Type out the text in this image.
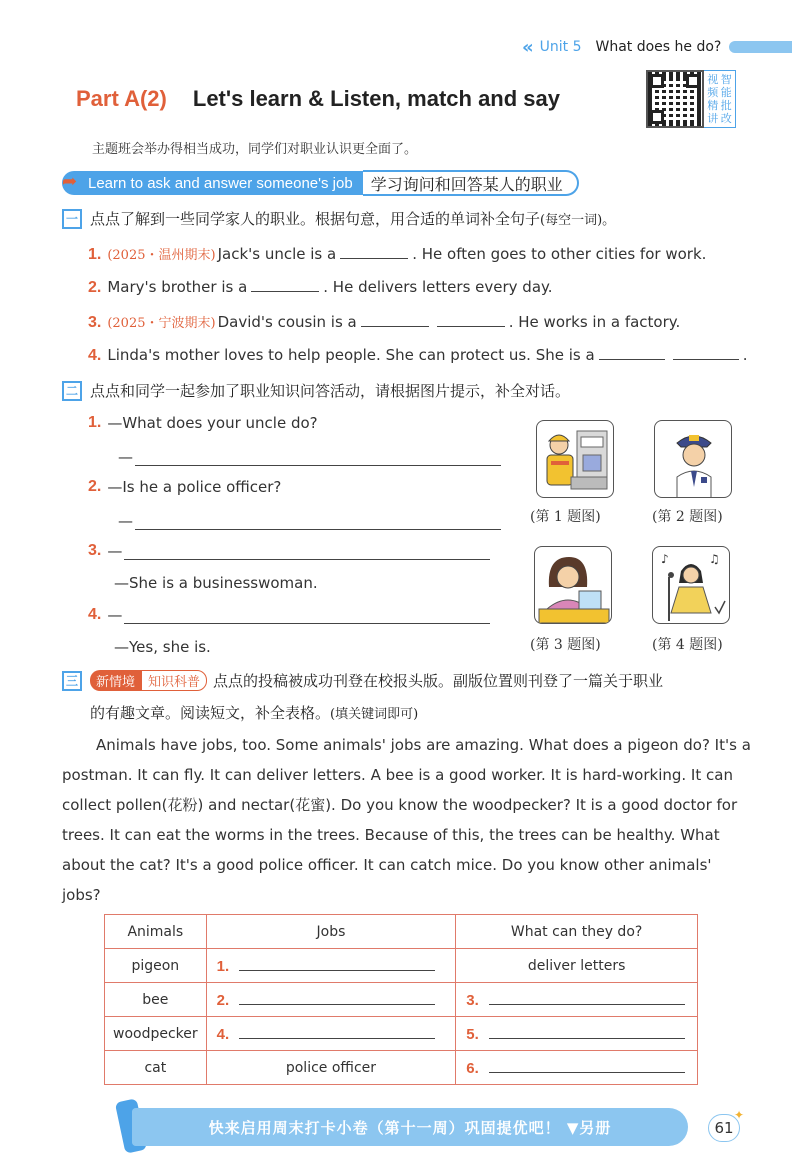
« Unit 5 What does he do?
Part A(2) Let's learn & Listen, match and say
视 智
频 能
精 批
讲 改
主题班会举办得相当成功，同学们对职业认识更全面了。
➦ Learn to ask and answer someone's job	学习询问和回答某人的职业
一 点点了解到一些同学家人的职业。根据句意，用合适的单词补全句子 (每空一词)。
1. (2025・温州期末) Jack's uncle is a	. He often goes to other cities for work.
2. Mary's brother is a	. He delivers letters every day.
3. (2025・宁波期末) David's cousin is a	. He works in a factory.
4. Linda's mother loves to help people. She can protect us. She is a	.
二 点点和同学一起参加了职业知识问答活动，请根据图片提示，补全对话。
1. —What does your uncle do?
—
2. —Is he a police officer?
—
3. —
—She is a businesswoman.
4. —
—Yes, she is.
(第 1 题图)	(第 2 题图)
♪	♫
(第 3 题图)	(第 4 题图)
三	新情境	知识科普 点点的投稿被成功刊登在校报头版。副版位置则刊登了一篇关于职业
的有趣文章。阅读短文，补全表格。 (填关键词即可)
Animals have jobs, too. Some animals' jobs are amazing. What does a pigeon do? It's a
postman. It can fly. It can deliver letters. A bee is a good worker. It is hard-working. It can
collect pollen(花粉) and nectar(花蜜). Do you know the woodpecker? It is a good doctor for
trees. It can eat the worms in the trees. Because of this, the trees can be healthy. What
about the cat? It's a good police officer. It can catch mice. Do you know other animals'
jobs?
Animals	Jobs	What can they do?
pigeon	1.	deliver letters
bee	2.	3.

woodpecker	4.	5.

cat	police officer	6.
快来启用周末打卡小卷（第十一周）巩固提优吧！ ▼另册	61
✦
